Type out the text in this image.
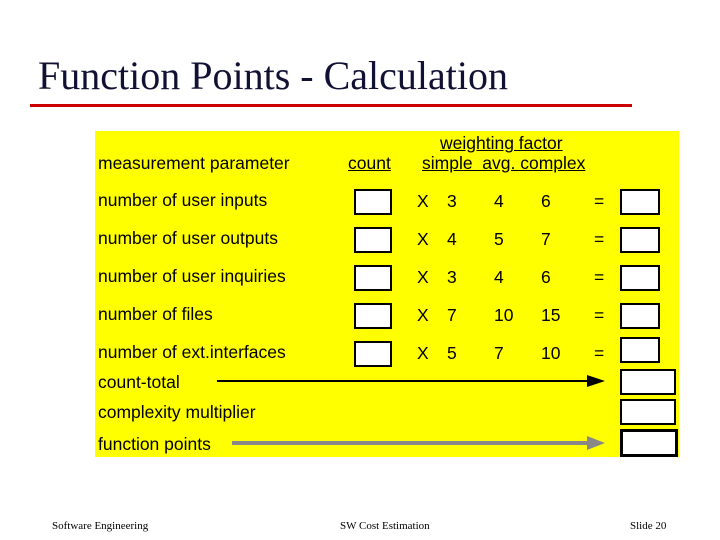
Function Points - Calculation
weighting factor
measurement parameter	count simple  avg. complex
number of user inputs	X 3 4 6 =
number of user outputs	X 4 5 7 =
number of user inquiries	X 3 4 6 =
number of files	X 7 10 15 =
number of ext.interfaces	X 5 7 10 =
count-total
complexity multiplier
function points
Software Engineering	SW Cost Estimation	Slide 20
